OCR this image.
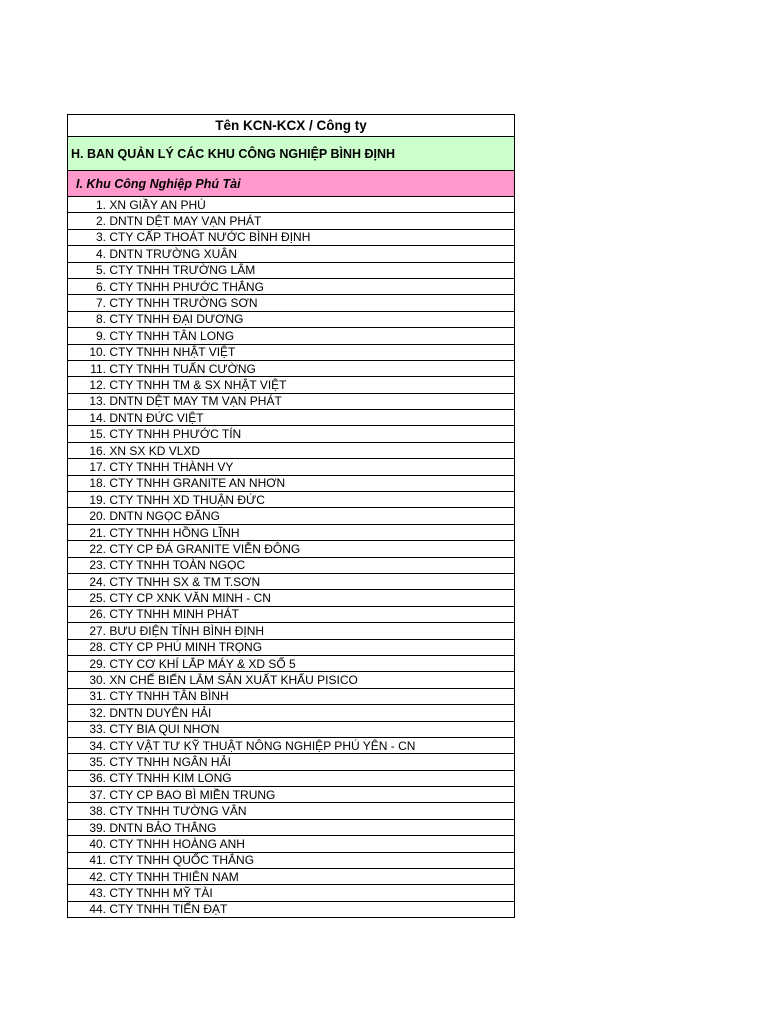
Tên KCN-KCX / Công ty
H. BAN QUẢN LÝ CÁC KHU CÔNG NGHIỆP BÌNH ĐỊNH
I. Khu Công Nghiệp Phú Tài
1. XN GIẦY AN PHÚ
2. DNTN DỆT MAY VẠN PHÁT
3. CTY CẤP THOÁT NƯỚC BÌNH ĐỊNH
4. DNTN TRƯỜNG XUÂN
5. CTY TNHH TRƯỜNG LÂM
6. CTY TNHH PHƯỚC THẮNG
7. CTY TNHH TRƯỜNG SƠN
8. CTY TNHH ĐẠI DƯƠNG
9. CTY TNHH TÂN LONG
10. CTY TNHH NHẬT VIỆT
11. CTY TNHH TUẤN CƯỜNG
12. CTY TNHH TM & SX NHẬT VIỆT
13. DNTN DỆT MAY TM VẠN PHÁT
14. DNTN ĐỨC VIỆT
15. CTY TNHH PHƯỚC TÍN
16. XN SX KD VLXD
17. CTY TNHH THÀNH VY
18. CTY TNHH GRANITE AN NHƠN
19. CTY TNHH XD THUẬN ĐỨC
20. DNTN NGỌC ĐĂNG
21. CTY TNHH HỒNG LĨNH
22. CTY CP ĐÁ GRANITE VIỄN ĐÔNG
23. CTY TNHH TOÀN NGỌC
24. CTY TNHH SX & TM T.SƠN
25. CTY CP XNK VĂN MINH - CN
26. CTY TNHH MINH PHÁT
27. BƯU ĐIỆN TỈNH BÌNH ĐỊNH
28. CTY CP PHÚ MINH TRỌNG
29. CTY CƠ KHÍ LẮP MÁY & XD SỐ 5
30. XN CHẾ BIẾN LÂM SẢN XUẤT KHẨU PISICO
31. CTY TNHH TÂN BÌNH
32. DNTN DUYÊN HẢI
33. CTY BIA QUI NHƠN
34. CTY VẬT TƯ KỸ THUẬT NÔNG NGHIỆP PHÚ YÊN - CN
35. CTY TNHH NGÂN HẢI
36. CTY TNHH KIM LONG
37. CTY CP BAO BÌ MIỀN TRUNG
38. CTY TNHH TƯỜNG VÂN
39. DNTN BẢO THẮNG
40. CTY TNHH HOÀNG ANH
41. CTY TNHH QUỐC THẮNG
42. CTY TNHH THIÊN NAM
43. CTY TNHH MỸ TÀI
44. CTY TNHH TIẾN ĐẠT
